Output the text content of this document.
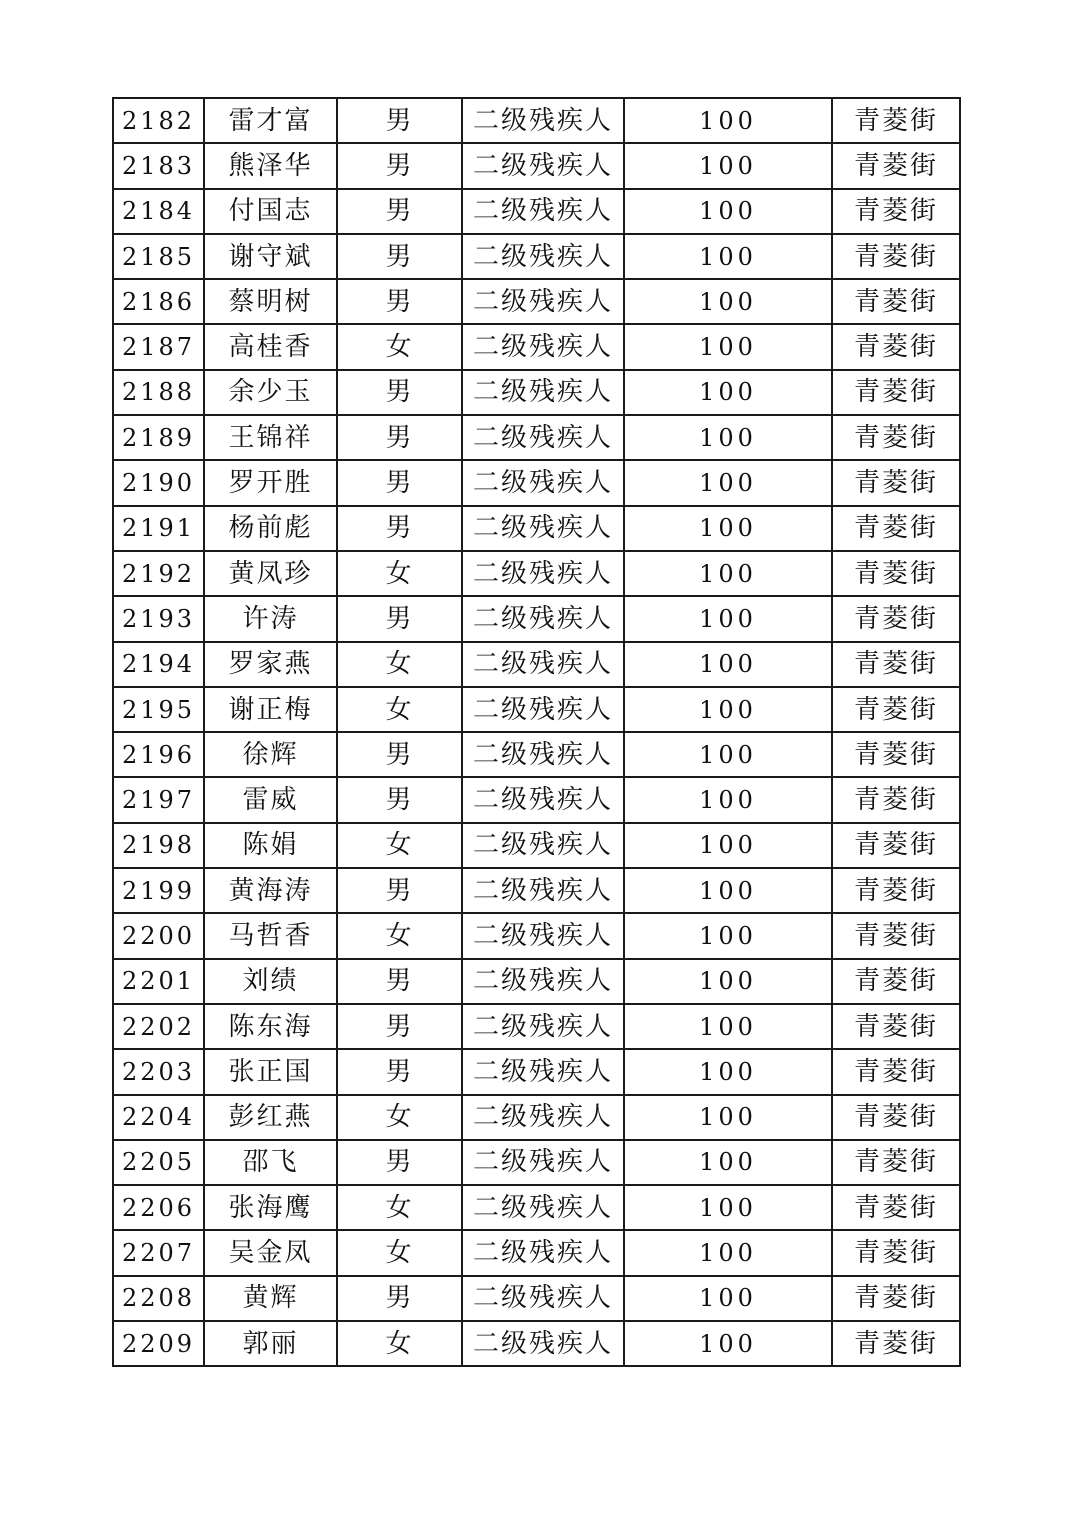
2182	雷才富	男	二级残疾人	100	青菱街
2183	熊泽华	男	二级残疾人	100	青菱街
2184	付国志	男	二级残疾人	100	青菱街
2185	谢守斌	男	二级残疾人	100	青菱街
2186	蔡明树	男	二级残疾人	100	青菱街
2187	高桂香	女	二级残疾人	100	青菱街
2188	余少玉	男	二级残疾人	100	青菱街
2189	王锦祥	男	二级残疾人	100	青菱街
2190	罗开胜	男	二级残疾人	100	青菱街
2191	杨前彪	男	二级残疾人	100	青菱街
2192	黄凤珍	女	二级残疾人	100	青菱街
2193	许涛	男	二级残疾人	100	青菱街
2194	罗家燕	女	二级残疾人	100	青菱街
2195	谢正梅	女	二级残疾人	100	青菱街
2196	徐辉	男	二级残疾人	100	青菱街
2197	雷威	男	二级残疾人	100	青菱街
2198	陈娟	女	二级残疾人	100	青菱街
2199	黄海涛	男	二级残疾人	100	青菱街
2200	马哲香	女	二级残疾人	100	青菱街
2201	刘绩	男	二级残疾人	100	青菱街
2202	陈东海	男	二级残疾人	100	青菱街
2203	张正国	男	二级残疾人	100	青菱街
2204	彭红燕	女	二级残疾人	100	青菱街
2205	邵飞	男	二级残疾人	100	青菱街
2206	张海鹰	女	二级残疾人	100	青菱街
2207	吴金凤	女	二级残疾人	100	青菱街
2208	黄辉	男	二级残疾人	100	青菱街
2209	郭丽	女	二级残疾人	100	青菱街
